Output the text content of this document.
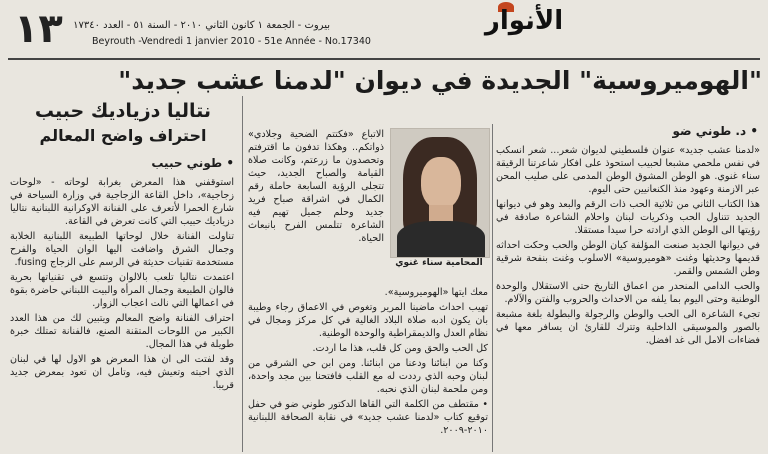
١٣	الأنوار
بيروت - الجمعة ١ كانون الثاني ٢٠١٠ - السنة ٥١ - العدد ١٧٣٤٠
Beyrouth -Vendredi 1 janvier 2010 - 51e Année - No.17340
"الهوميروسية" الجديدة في ديوان "لدمنا عشب جديد"
نتاليا دزياديك حبيب
احتراف واضح المعالم	• د. طوني ضو
• طوني حبيب

«لدمنا عشب جديد» عنوان فلسطيني لديوان شعر... شعر انسكب في نفس ملحمي مشبعا لحبيب استحوذ على افكار شاعرتنا الرقيقة سناء غنوي. هو الوطن المشوق الوطن المدمى على صليب المحن عبر الازمنة وعهود منذ الكنعانيين حتى اليوم.

هذا الكتاب الثاني من ثلاثية الحب ذات الرقم والبعد وهو في ديوانها الجديد تتناول الحب وذكريات لبنان واحلام الشاعرة صادقة في رؤيتها الى الوطن الذي ارادته حرا سيدا مستقلا.

في ديوانها الجديد صنعت المؤلفة كيان الوطن والحب وحكت احداثه قديمها وحديثها وغنت «هوميروسية» الاسلوب وغنت بنفحة شرقية وطن الشمس والقمر.

والحب الدامي المنحدر من اعماق التاريخ حتى الاستقلال والوحدة الوطنية وحتى اليوم بما يلفه من الاحداث والحروب والفتن والآلام.

تجيء الشاعرة الى الحب والوطن والرجولة والبطولة بلغة مشبعة بالصور والموسيقى الداخلية وتترك للقارئ ان يسافر معها في فضاءات الامل الى غد افضل.

الاتباع «فكتتم الضحية وجلادي» ذواتكم.. وهكذا تدفون ما اقترفتم وتحصدون ما زرعتم، وكانت صلاة القيامة والصباح الجديد، حيث تتجلى الرؤية السابعة حاملة رقم الكمال في اشراقة صباح فريد جديد وحلم جميل تهيم فيه الشاعرة تتلمس الفرح بانبعاث الحياة.

المحامية سناء غنوي

معك ايتها «الهوميروسية».

تهيب احداث ماضينا المرير وتغوص في الاعماق رجاء وطيبة بان يكون ادبه صلاة البلاد الغالية في كل مركز ومجال في نظام العدل والديمقراطية والوحدة الوطنية.

كل الحب والحق ومن كل قلب، هذا ما اردت.

وكنا من ابنائنا ودعنا من ابنائنا. ومن ابن حي الشرقي من لبنان وحبه الذي رددت له مع القلب فافتحنا بين مجد واحدة، ومن ملحمة لبنان الذي نحبه.

• مقتطف من الكلمة التي القاها الدكتور طوني ضو في حفل توقيع كتاب «لدمنا عشب جديد» في نقابة الصحافة اللبنانية ٢٠١٠-٢٠٠٩.

استوقفني هذا المعرض بغرابة لوحاته - «لوحات زجاجية»، داخل القاعة الزجاجية في وزارة السياحة في شارع الحمرا لأتعرف على الفنانة الاوكرانية اللبنانية نتاليا دزياديك حبيب التي كانت تعرض في القاعة.

تناولت الفنانة خلال لوحاتها الطبيعة اللبنانية الخلابة وجمال الشرق واضافت اليها الوان الحياة والفرح مستخدمة تقنيات حديثة في الرسم على الزجاج fusing.

اعتمدت نتاليا تلعب بالالوان وتتسع في تقنياتها بحرية فالوان الطبيعة وجمال المرأة والبيت اللبناني حاضرة بقوة في اعمالها التي نالت اعجاب الزوار.

احتراف الفنانة واضح المعالم ويتبين لك من هذا العدد الكبير من اللوحات المتقنة الصنع، فالفنانة تمتلك خبرة طويلة في هذا المجال.

وقد لفتت الى ان هذا المعرض هو الاول لها في لبنان الذي احبته وتعيش فيه، وتامل ان تعود بمعرض جديد قريبا.
